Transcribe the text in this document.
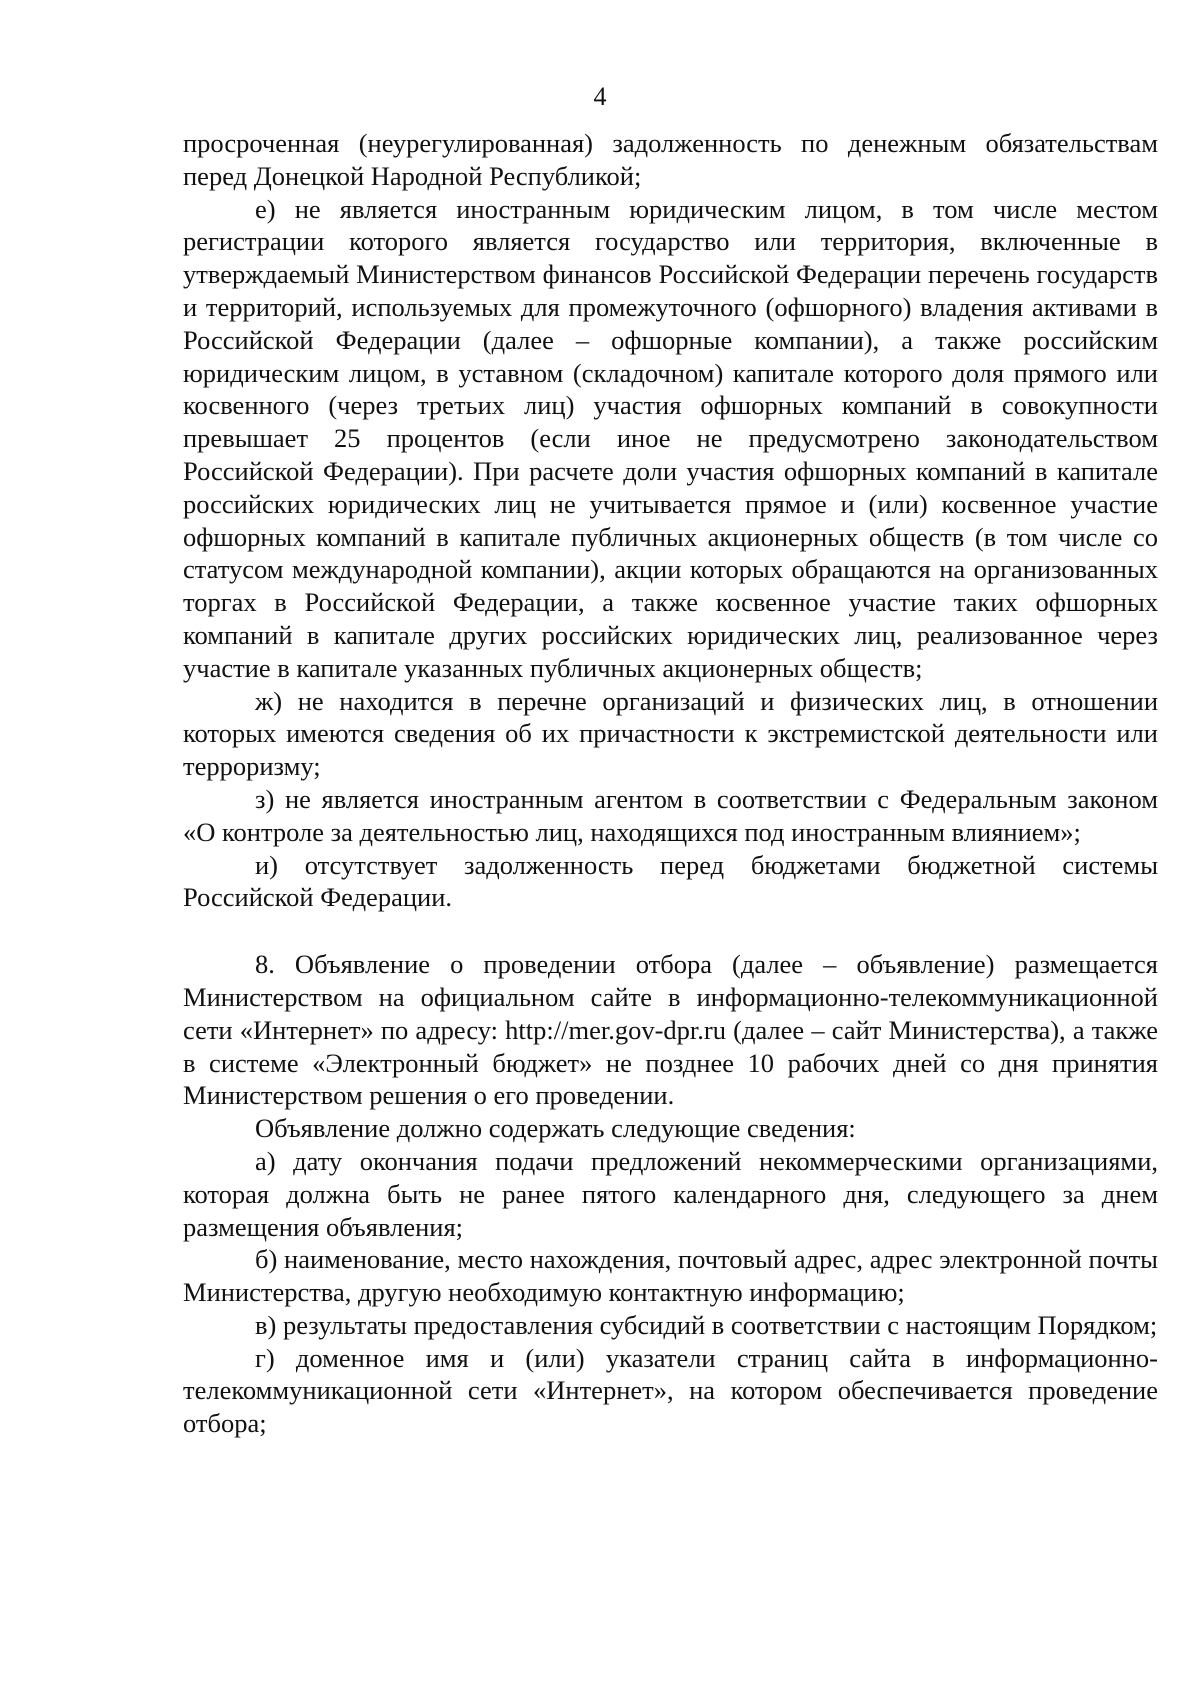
4

просроченная (неурегулированная) задолженность по денежным обязательствам перед Донецкой Народной Республикой;

е) не является иностранным юридическим лицом, в том числе местом регистрации которого является государство или территория, включенные в утверждаемый Министерством финансов Российской Федерации перечень государств и территорий, используемых для промежуточного (офшорного) владения активами в Российской Федерации (далее – офшорные компании), а также российским юридическим лицом, в уставном (складочном) капитале которого доля прямого или косвенного (через третьих лиц) участия офшорных компаний в совокупности превышает 25 процентов (если иное не предусмотрено законодательством Российской Федерации). При расчете доли участия офшорных компаний в капитале российских юридических лиц не учитывается прямое и (или) косвенное участие офшорных компаний в капитале публичных акционерных обществ (в том числе со статусом международной компании), акции которых обращаются на организованных торгах в Российской Федерации, а также косвенное участие таких офшорных компаний в капитале других российских юридических лиц, реализованное через участие в капитале указанных публичных акционерных обществ;

ж) не находится в перечне организаций и физических лиц, в отношении которых имеются сведения об их причастности к экстремистской деятельности или терроризму;

з) не является иностранным агентом в соответствии с Федеральным законом «О контроле за деятельностью лиц, находящихся под иностранным влиянием»;

и) отсутствует задолженность перед бюджетами бюджетной системы Российской Федерации.

8. Объявление о проведении отбора (далее – объявление) размещается Министерством на официальном сайте в информационно-телекоммуникационной сети «Интернет» по адресу: http://mer.gov-dpr.ru (далее – сайт Министерства), а также в системе «Электронный бюджет» не позднее 10 рабочих дней со дня принятия Министерством решения о его проведении.

Объявление должно содержать следующие сведения:

а) дату окончания подачи предложений некоммерческими организациями, которая должна быть не ранее пятого календарного дня, следующего за днем размещения объявления;

б) наименование, место нахождения, почтовый адрес, адрес электронной почты Министерства, другую необходимую контактную информацию;

в) результаты предоставления субсидий в соответствии с настоящим Порядком;

г) доменное имя и (или) указатели страниц сайта в информационно-телекоммуникационной сети «Интернет», на котором обеспечивается проведение отбора;
